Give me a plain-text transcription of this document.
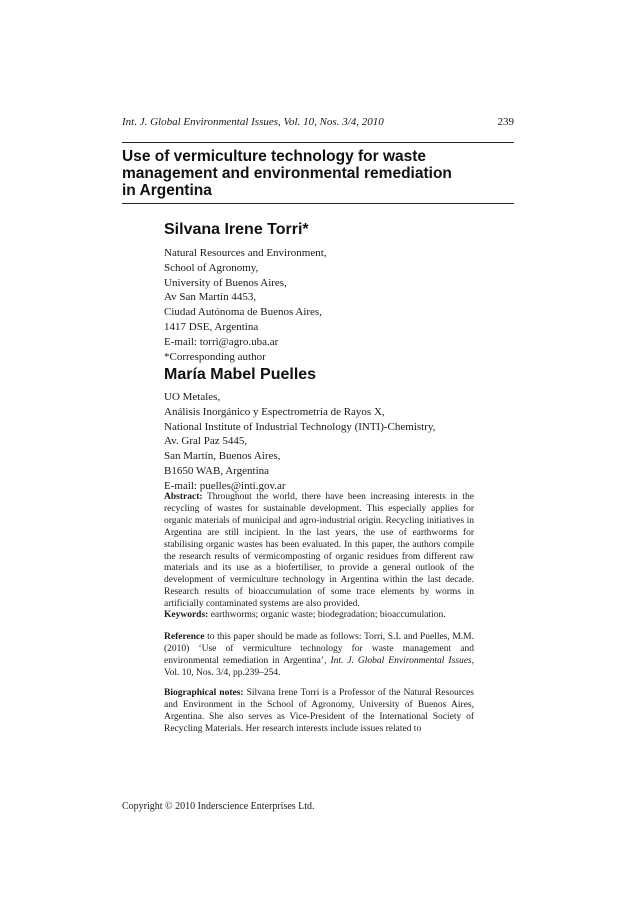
Int. J. Global Environmental Issues, Vol. 10, Nos. 3/4, 2010	239
Use of vermiculture technology for waste
management and environmental remediation
in Argentina
Silvana Irene Torri*
Natural Resources and Environment,
School of Agronomy,
University of Buenos Aires,
Av San Martín 4453,
Ciudad Autónoma de Buenos Aires,
1417 DSE, Argentina
E-mail: torri@agro.uba.ar
*Corresponding author
María Mabel Puelles
UO Metales,
Análisis Inorgánico y Espectrometría de Rayos X,
National Institute of Industrial Technology (INTI)-Chemistry,
Av. Gral Paz 5445,
San Martín, Buenos Aires,
B1650 WAB, Argentina
E-mail: puelles@inti.gov.ar

Abstract: Throughout the world, there have been increasing interests in the recycling of wastes for sustainable development. This especially applies for organic materials of municipal and agro-industrial origin. Recycling initiatives in Argentina are still incipient. In the last years, the use of earthworms for stabilising organic wastes has been evaluated. In this paper, the authors compile the research results of vermicomposting of organic residues from different raw materials and its use as a biofertiliser, to provide a general outlook of the development of vermiculture technology in Argentina within the last decade. Research results of bioaccumulation of some trace elements by worms in artificially contaminated systems are also provided.

Keywords: earthworms; organic waste; biodegradation; bioaccumulation.

Reference to this paper should be made as follows: Torri, S.I. and Puelles, M.M. (2010) ‘Use of vermiculture technology for waste management and environmental remediation in Argentina’, Int. J. Global Environmental Issues, Vol. 10, Nos. 3/4, pp.239–254.

Biographical notes: Silvana Irene Torri is a Professor of the Natural Resources and Environment in the School of Agronomy, University of Buenos Aires, Argentina. She also serves as Vice-President of the International Society of Recycling Materials. Her research interests include issues related to

Copyright © 2010 Inderscience Enterprises Ltd.
